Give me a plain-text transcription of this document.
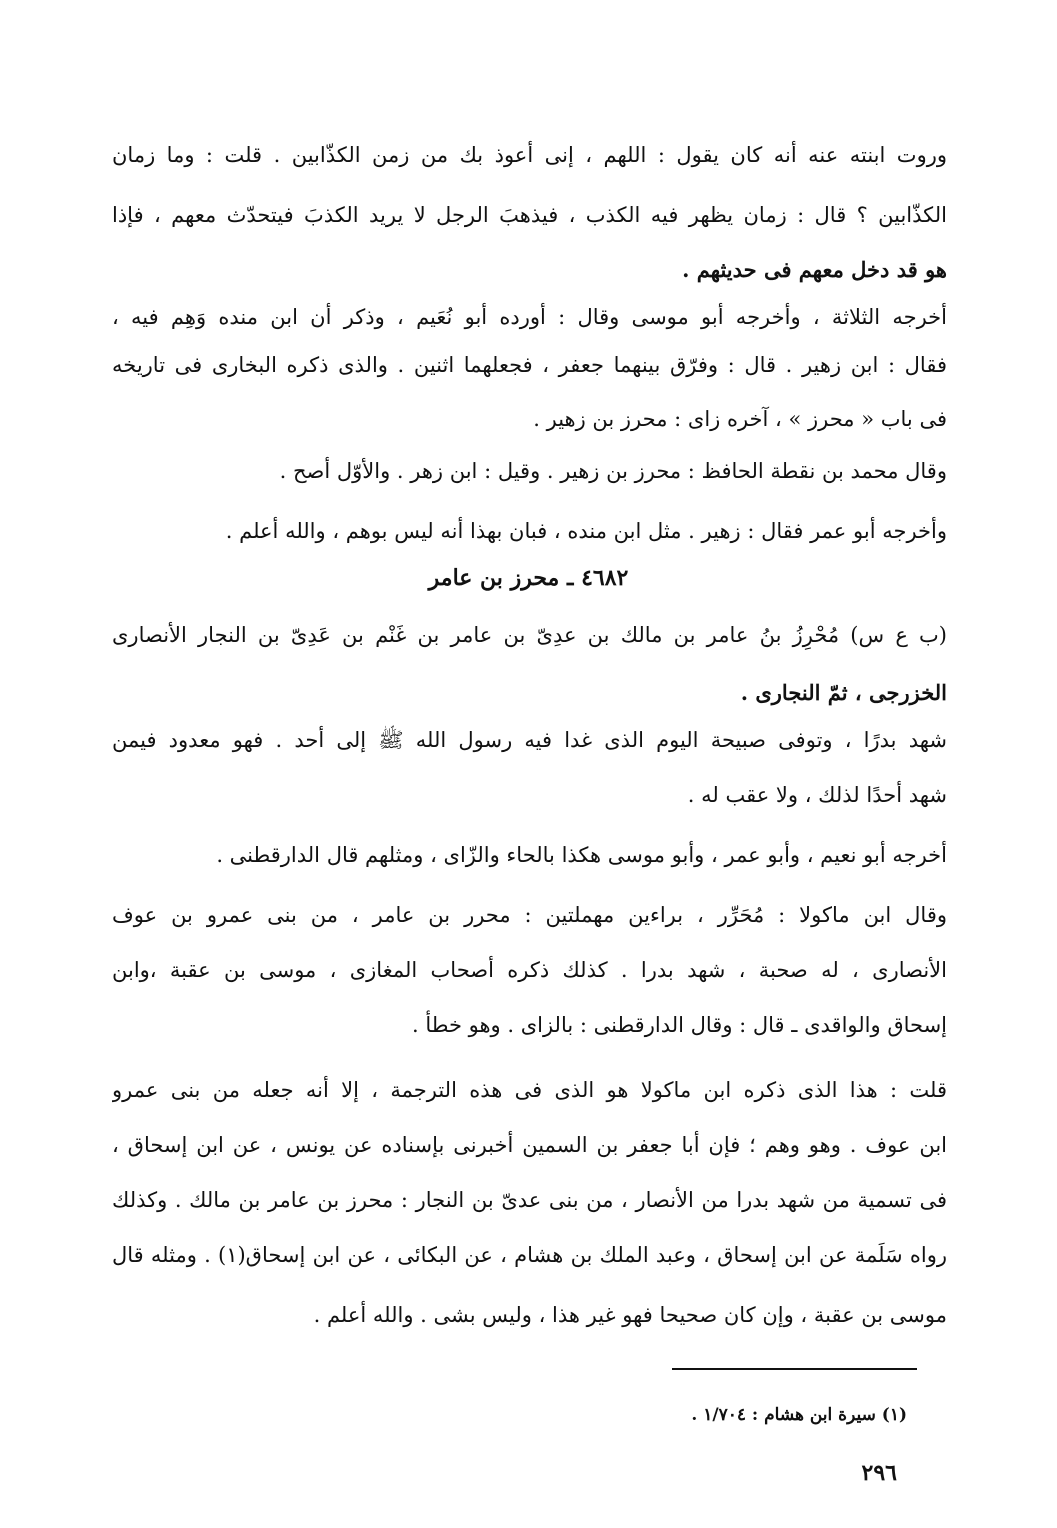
وروت ابنته عنه أنه كان يقول : اللهم ، إنى أعوذ بك من زمن الكذّابين . قلت : وما زمان
الكذّابين ؟ قال : زمان يظهر فيه الكذب ، فيذهبَ الرجل لا يريد الكذبَ فيتحدّث معهم ، فإذا
هو قد دخل معهم فى حديثهم .
أخرجه الثلاثة ، وأخرجه أبو موسى وقال : أورده أبو نُعَيم ، وذكر أن ابن منده وَهِم فيه ،
فقال : ابن زهير . قال : وفرّق بينهما جعفر ، فجعلهما اثنين . والذى ذكره البخارى فى تاريخه
فى باب « محرز » ، آخره زاى : محرز بن زهير .
وقال محمد بن نقطة الحافظ : محرز بن زهير . وقيل : ابن زهر . والأوّل أصح .
وأخرجه أبو عمر فقال : زهير . مثل ابن منده ، فبان بهذا أنه ليس بوهم ، والله أعلم .
٤٦٨٢ ـ محرز بن عامر
(ب ع س) مُحْرِزُ بنُ عامر بن مالك بن عدِىّ بن عامر بن غَنْم بن عَدِىّ بن النجار الأنصارى
الخزرجى ، ثمّ النجارى .
شهد بدرًا ، وتوفى صبيحة اليوم الذى غدا فيه رسول الله ﷺ إلى أحد . فهو معدود فيمن
شهد أحدًا لذلك ، ولا عقب له .
أخرجه أبو نعيم ، وأبو عمر ، وأبو موسى هكذا بالحاء والزّاى ، ومثلهم قال الدارقطنى .
وقال ابن ماكولا : مُحَرِّر ، براءين مهملتين : محرر بن عامر ، من بنى عمرو بن عوف
الأنصارى ، له صحبة ، شهد بدرا . كذلك ذكره أصحاب المغازى ، موسى بن عقبة ،وابن
إسحاق والواقدى ـ قال : وقال الدارقطنى : بالزاى . وهو خطأ .
قلت : هذا الذى ذكره ابن ماكولا هو الذى فى هذه الترجمة ، إلا أنه جعله من بنى عمرو
ابن عوف . وهو وهم ؛ فإن أبا جعفر بن السمين أخبرنى بإسناده عن يونس ، عن ابن إسحاق ،
فى تسمية من شهد بدرا من الأنصار ، من بنى عدىّ بن النجار : محرز بن عامر بن مالك . وكذلك
رواه سَلَمة عن ابن إسحاق ، وعبد الملك بن هشام ، عن البكائى ، عن ابن إسحاق(١) . ومثله قال
موسى بن عقبة ، وإن كان صحيحا فهو غير هذا ، وليس بشى . والله أعلم .
(١) سيرة ابن هشام : ١/٧٠٤ .
٢٩٦
